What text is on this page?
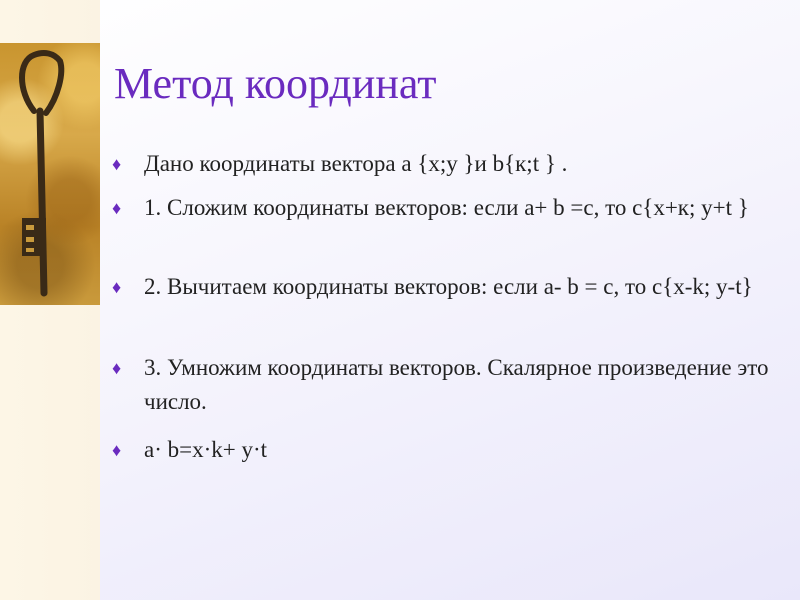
Метод координат
♦ Дано координаты вектора a {x;y }и b{к;t } .
♦ 1. Сложим координаты векторов: если a+ b =c, то c{x+к; y+t }
♦ 2. Вычитаем координаты векторов: если a- b = c, то c{x-k; y-t}
♦ 3. Умножим координаты векторов. Скалярное произведение это число.
♦ a· b=x·k+ y·t
